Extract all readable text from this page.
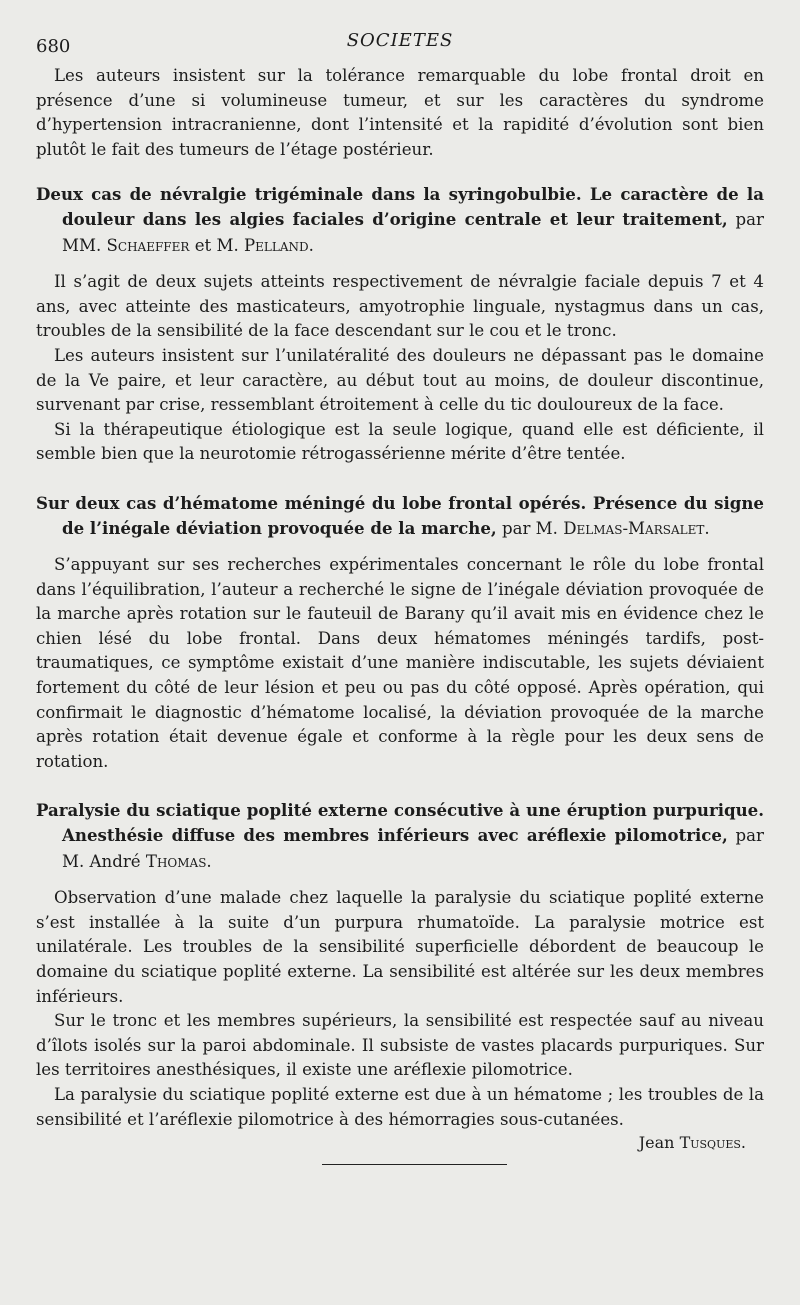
680	SOCIETES

Les auteurs insistent sur la tolérance remarquable du lobe frontal droit en présence d’une si volumineuse tumeur, et sur les caractères du syndrome d’hypertension intracranienne, dont l’intensité et la rapidité d’évolution sont bien plutôt le fait des tumeurs de l’étage postérieur.

Deux cas de névralgie trigéminale dans la syringobulbie. Le caractère de la douleur dans les algies faciales d’origine centrale et leur traitement, par MM. Schaeffer et M. Pelland.

Il s’agit de deux sujets atteints respectivement de névralgie faciale depuis 7 et 4 ans, avec atteinte des masticateurs, amyotrophie linguale, nystagmus dans un cas, troubles de la sensibilité de la face descendant sur le cou et le tronc.

Les auteurs insistent sur l’unilatéralité des douleurs ne dépassant pas le domaine de la Ve paire, et leur caractère, au début tout au moins, de douleur discontinue, survenant par crise, ressemblant étroitement à celle du tic douloureux de la face.

Si la thérapeutique étiologique est la seule logique, quand elle est déficiente, il semble bien que la neurotomie rétrogassérienne mérite d’être tentée.

Sur deux cas d’hématome méningé du lobe frontal opérés. Présence du signe de l’inégale déviation provoquée de la marche, par M. Delmas-Marsalet.

S’appuyant sur ses recherches expérimentales concernant le rôle du lobe frontal dans l’équilibration, l’auteur a recherché le signe de l’inégale déviation provoquée de la marche après rotation sur le fauteuil de Barany qu’il avait mis en évidence chez le chien lésé du lobe frontal. Dans deux hématomes méningés tardifs, post-traumatiques, ce symptôme existait d’une manière indiscutable, les sujets déviaient fortement du côté de leur lésion et peu ou pas du côté opposé. Après opération, qui confirmait le diagnostic d’hématome localisé, la déviation provoquée de la marche après rotation était devenue égale et conforme à la règle pour les deux sens de rotation.

Paralysie du sciatique poplité externe consécutive à une éruption purpurique. Anesthésie diffuse des membres inférieurs avec aréflexie pilomotrice, par M. André Thomas.

Observation d’une malade chez laquelle la paralysie du sciatique poplité externe s’est installée à la suite d’un purpura rhumatoïde. La paralysie motrice est unilatérale. Les troubles de la sensibilité superficielle débordent de beaucoup le domaine du sciatique poplité externe. La sensibilité est altérée sur les deux membres inférieurs.

Sur le tronc et les membres supérieurs, la sensibilité est respectée sauf au niveau d’îlots isolés sur la paroi abdominale. Il subsiste de vastes placards purpuriques. Sur les territoires anesthésiques, il existe une aréflexie pilomotrice.

La paralysie du sciatique poplité externe est due à un hématome ; les troubles de la sensibilité et l’aréflexie pilomotrice à des hémorragies sous-cutanées.

Jean Tusques.
